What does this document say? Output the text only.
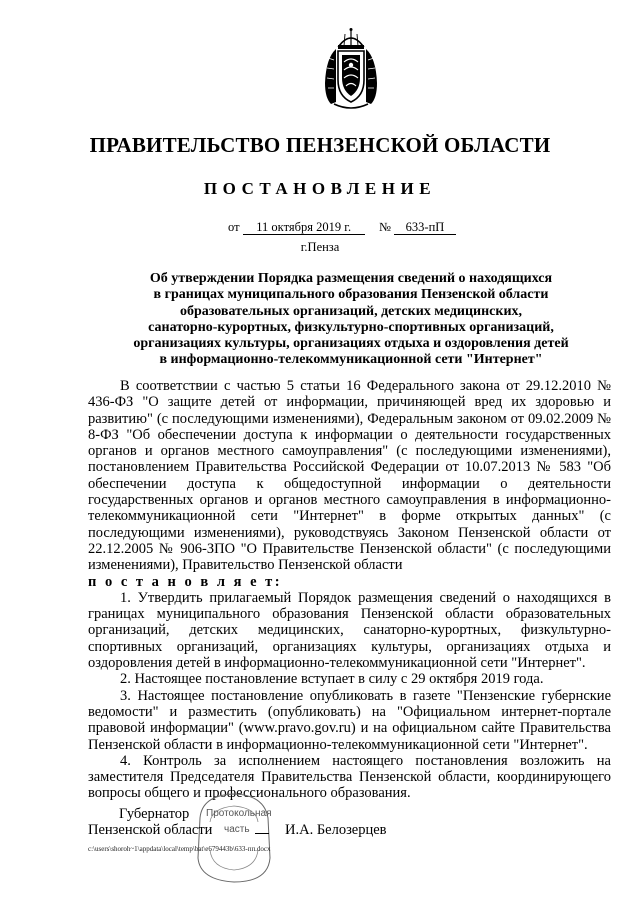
ПРАВИТЕЛЬСТВО ПЕНЗЕНСКОЙ ОБЛАСТИ
ПОСТАНОВЛЕНИЕ
от 11 октября 2019 г. № 633-пП
г.Пенза
Об утверждении Порядка размещения сведений о находящихся
в границах муниципального образования Пензенской области
образовательных организаций, детских медицинских,
санаторно-курортных, физкультурно-спортивных организаций,
организациях культуры, организациях отдыха и оздоровления детей
в информационно-телекоммуникационной сети "Интернет"

В соответствии с частью 5 статьи 16 Федерального закона от 29.12.2010 № 436-ФЗ "О защите детей от информации, причиняющей вред их здоровью и развитию" (с последующими изменениями), Федеральным законом от 09.02.2009 № 8-ФЗ "Об обеспечении доступа к информации о деятельности государственных органов и органов местного самоуправления" (с последующими изменениями), постановлением Правительства Российской Федерации от 10.07.2013 № 583 "Об обеспечении доступа к общедоступной информации о деятельности государственных органов и органов местного самоуправления в информационно-телекоммуникационной сети "Интернет" в форме открытых данных" (с последующими изменениями), руководствуясь Законом Пензенской области от 22.12.2005 № 906-ЗПО "О Правительстве Пензенской области" (с последующими изменениями), Правительство Пензенской области

п о с т а н о в л я е т:

1. Утвердить прилагаемый Порядок размещения сведений о находящихся в границах муниципального образования Пензенской области образовательных организаций, детских медицинских, санаторно-курортных, физкультурно-спортивных организаций, организациях культуры, организациях отдыха и оздоровления детей в информационно-телекоммуникационной сети "Интернет".

2. Настоящее постановление вступает в силу с 29 октября 2019 года.

3. Настоящее постановление опубликовать в газете "Пензенские губернские ведомости" и разместить (опубликовать) на "Официальном интернет-портале правовой информации" (www.pravo.gov.ru) и на официальном сайте Правительства Пензенской области в информационно-телекоммуникационной сети "Интернет".

4. Контроль за исполнением настоящего постановления возложить на заместителя Председателя Правительства Пензенской области, координирующего вопросы общего и профессионального образования.

Протокольная
часть
Губернатор
Пензенской области	И.А. Белозерцев
c:\users\shoroh~1\appdata\local\temp\bat\e679443b\633-пп.docx
